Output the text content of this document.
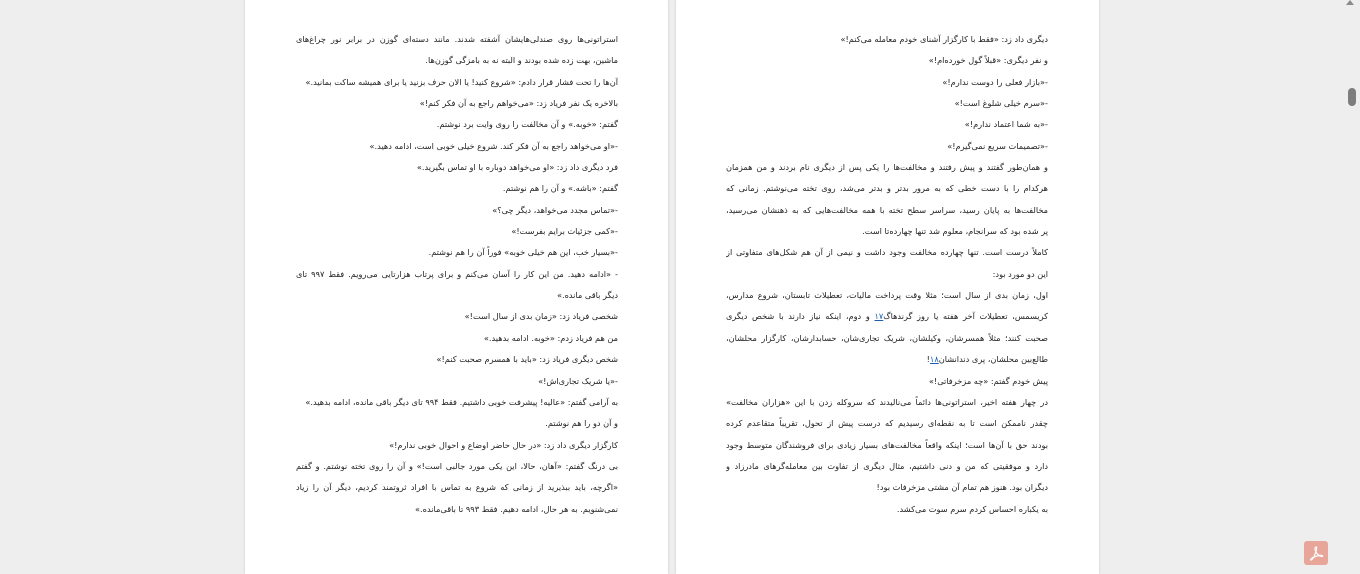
دیگری داد زد: «فقط با کارگزار آشنای خودم معامله می‌کنم!»
و نفر دیگری: «قبلاً گول خورده‌ام!»
-«بازار فعلی را دوست ندارم!»
-«سرم خیلی شلوغ است!»
-«به شما اعتماد ندارم!»
-«تصمیمات سریع نمی‌گیرم!»
و همان‌طور گفتند و پیش رفتند و مخالفت‌ها را یکی پس از دیگری نام بردند و من همزمان
هرکدام را با دست خطی که به مرور بدتر و بدتر می‌شد، روی تخته می‌نوشتم. زمانی که
مخالفت‌ها به پایان رسید، سراسر سطح تخته با همه مخالفت‌هایی که به ذهنشان می‌رسید،
پر شده بود که سرانجام، معلوم شد تنها چهارده‌تا است.
کاملاً درست است. تنها چهارده مخالفت وجود داشت و نیمی از آن هم شکل‌های متفاوتی از
این دو مورد بود:
اول، زمان بدی از سال است؛ مثلا وقت پرداخت مالیات، تعطیلات تابستان، شروع مدارس،
کریسمس، تعطیلات آخر هفته یا روز گرندهاگ۱۷ و دوم، اینکه نیاز دارند با شخص دیگری
صحبت کنند؛ مثلاً همسرشان، وکیلشان، شریک تجاری‌شان، حسابدارشان، کارگزار محلشان،
طالع‌بین محلشان، پری دندانشان۱۸!
پیش خودم گفتم: «چه مزخرفاتی!»
در چهار هفته اخیر، استراتونی‌ها دائماً می‌نالیدند که سروکله زدن با این «هزاران مخالفت»
چقدر ناممکن است تا به نقطه‌ای رسیدیم که درست پیش از تحول، تقریباً متقاعدم کرده
بودند حق با آن‌ها است؛ اینکه واقعاً مخالفت‌های بسیار زیادی برای فروشندگان متوسط وجود
دارد و موفقیتی که من و دنی داشتیم، مثال دیگری از تفاوت بین معامله‌گرهای مادرزاد و
دیگران بود. هنوز هم تمام آن مشتی مزخرفات بود!
به یکباره احساس کردم سرم سوت می‌کشد.
استراتونی‌ها روی صندلی‌هایشان آشفته شدند. مانند دسته‌ای گوزن در برابر نور چراغ‌های
ماشین، بهت زده شده بودند و البته نه به بامزگی گوزن‌ها.
آن‌ها را تحت فشار قرار دادم: «شروع کنید! یا الان حرف بزنید یا برای همیشه ساکت بمانید.»
بالاخره یک نفر فریاد زد: «می‌خواهم راجع به آن فکر کنم!»
گفتم: «خوبه.» و آن مخالفت را روی وایت برد نوشتم.
-«او می‌خواهد راجع به آن فکر کند. شروع خیلی خوبی است، ادامه دهید.»
فرد دیگری داد زد: «او می‌خواهد دوباره با او تماس بگیرید.»
گفتم: «باشه.» و آن را هم نوشتم.
-«تماس مجدد می‌خواهد، دیگر چی؟»
-«کمی جزئیات برایم بفرست!»
-«بسیار خب، این هم خیلی خوبه» فوراً آن را هم نوشتم.
- «ادامه دهید. من این کار را آسان می‌کنم و برای پرتاب هزارتایی می‌رویم. فقط ۹۹۷ تای
دیگر باقی مانده.»
شخصی فریاد زد: «زمان بدی از سال است!»
من هم فریاد زدم: «خوبه. ادامه بدهید.»
شخص دیگری فریاد زد: «باید با همسرم صحبت کنم!»
-«یا شریک تجاری‌اش!»
به آرامی گفتم: «عالیه! پیشرفت خوبی داشتیم. فقط ۹۹۴ تای دیگر باقی مانده، ادامه بدهید.»
و آن دو را هم نوشتم.
کارگزار دیگری داد زد: «در حال حاضر اوضاع و احوال خوبی ندارم!»
بی درنگ گفتم: «آهان، حالا، این یکی مورد جالبی است!» و آن را روی تخته نوشتم. و گفتم
«اگرچه، باید ببذیرید از زمانی که شروع به تماس با افراد ثروتمند کردیم، دیگر آن را زیاد
نمی‌شنویم. به هر حال، ادامه دهیم. فقط ۹۹۳ تا باقی‌مانده.»
